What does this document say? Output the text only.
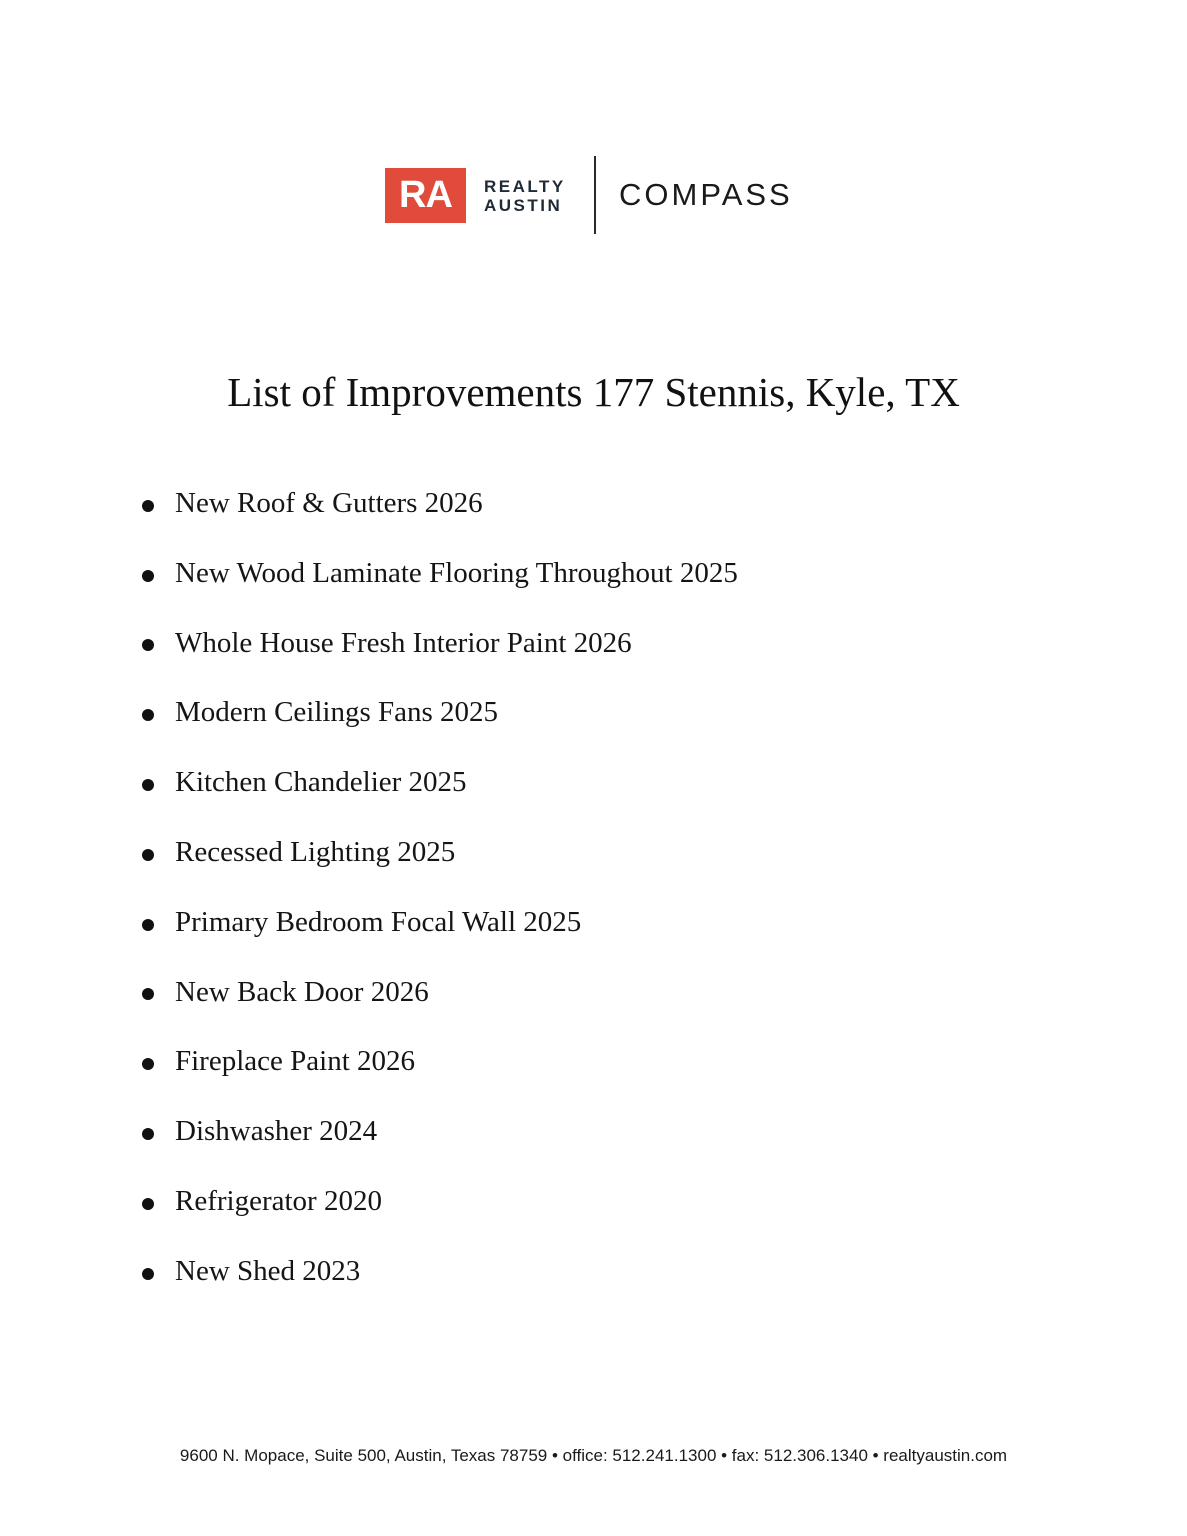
RA	REALTY
AUSTIN COMPASS
List of Improvements 177 Stennis, Kyle, TX
New Roof & Gutters 2026
New Wood Laminate Flooring Throughout 2025
Whole House Fresh Interior Paint 2026
Modern Ceilings Fans 2025
Kitchen Chandelier 2025
Recessed Lighting 2025
Primary Bedroom Focal Wall 2025
New Back Door 2026
Fireplace Paint 2026
Dishwasher 2024
Refrigerator 2020
New Shed 2023
9600 N. Mopace, Suite 500, Austin, Texas 78759 • office: 512.241.1300 • fax: 512.306.1340 • realtyaustin.com
